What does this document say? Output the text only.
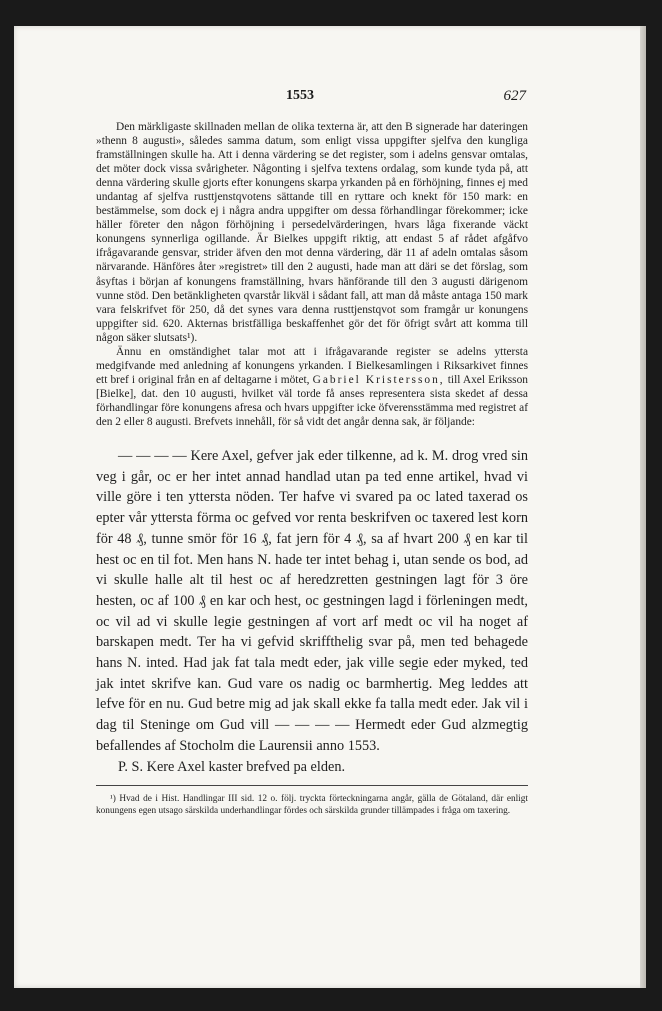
1553	627

Den märkligaste skillnaden mellan de olika texterna är, att den B signerade har dateringen »thenn 8 augusti», således samma datum, som enligt vissa uppgifter sjelfva den kungliga framställningen skulle ha. Att i denna värdering se det register, som i adelns gensvar omtalas, det möter dock vissa svårigheter. Någonting i sjelfva textens ordalag, som kunde tyda på, att denna värdering skulle gjorts efter konungens skarpa yrkanden på en förhöjning, finnes ej med undantag af sjelfva rusttjenstqvotens sättande till en ryttare och knekt för 150 mark: en bestämmelse, som dock ej i några andra uppgifter om dessa förhandlingar förekommer; icke häller företer den någon förhöjning i persedelvärderingen, hvars låga fixerande väckt konungens synnerliga ogillande. Är Bielkes uppgift riktig, att endast 5 af rådet afgåfvo ifrågavarande gensvar, strider äfven den mot denna värdering, där 11 af adeln omtalas såsom närvarande. Hänföres åter »registret» till den 2 augusti, hade man att däri se det förslag, som åsyftas i början af konungens framställning, hvars hänförande till den 3 augusti därigenom vunne stöd. Den betänkligheten qvarstår likväl i sådant fall, att man då måste antaga 150 mark vara felskrifvet för 250, då det synes vara denna rusttjenstqvot som framgår ur konungens uppgifter sid. 620. Akternas bristfälliga beskaffenhet gör det för öfrigt svårt att komma till någon säker slutsats¹).

Ännu en omständighet talar mot att i ifrågavarande register se adelns yttersta medgifvande med anledning af konungens yrkanden. I Bielkesamlingen i Riksarkivet finnes ett bref i original från en af deltagarne i mötet, Gabriel Kristersson, till Axel Eriksson [Bielke], dat. den 10 augusti, hvilket väl torde få anses representera sista skedet af dessa förhandlingar före konungens afresa och hvars uppgifter icke öfverensstämma med registret af den 2 eller 8 augusti. Brefvets innehåll, för så vidt det angår denna sak, är följande:

— — — — Kere Axel, gefver jak eder tilkenne, ad k. M. drog vred sin veg i går, oc er her intet annad handlad utan pa ted enne artikel, hvad vi ville göre i ten yttersta nöden. Ter hafve vi svared pa oc lated taxerad os epter vår yttersta förma oc gefved vor renta beskrifven oc taxered lest korn för 48 ₰, tunne smör för 16 ₰, fat jern för 4 ₰, sa af hvart 200 ₰ en kar til hest oc en til fot. Men hans N. hade ter intet behag i, utan sende os bod, ad vi skulle halle alt til hest oc af heredzretten gestningen lagt för 3 öre hesten, oc af 100 ₰ en kar och hest, oc gestningen lagd i förleningen medt, oc vil ad vi skulle legie gestningen af vort arf medt oc vil ha noget af barskapen medt. Ter ha vi gefvid skriffthelig svar på, men ted behagede hans N. inted. Had jak fat tala medt eder, jak ville segie eder myked, ted jak intet skrifve kan. Gud vare os nadig oc barmhertig. Meg leddes att lefve för en nu. Gud betre mig ad jak skall ekke fa talla medt eder. Jak vil i dag til Steninge om Gud vill — — — — Hermedt eder Gud alzmegtig befallendes af Stocholm die Laurensii anno 1553.

P. S. Kere Axel kaster brefved pa elden.

¹) Hvad de i Hist. Handlingar III sid. 12 o. följ. tryckta förteckningarna angår, gälla de Götaland, där enligt konungens egen utsago särskilda underhandlingar fördes och särskilda grunder tillämpades i fråga om taxering.
